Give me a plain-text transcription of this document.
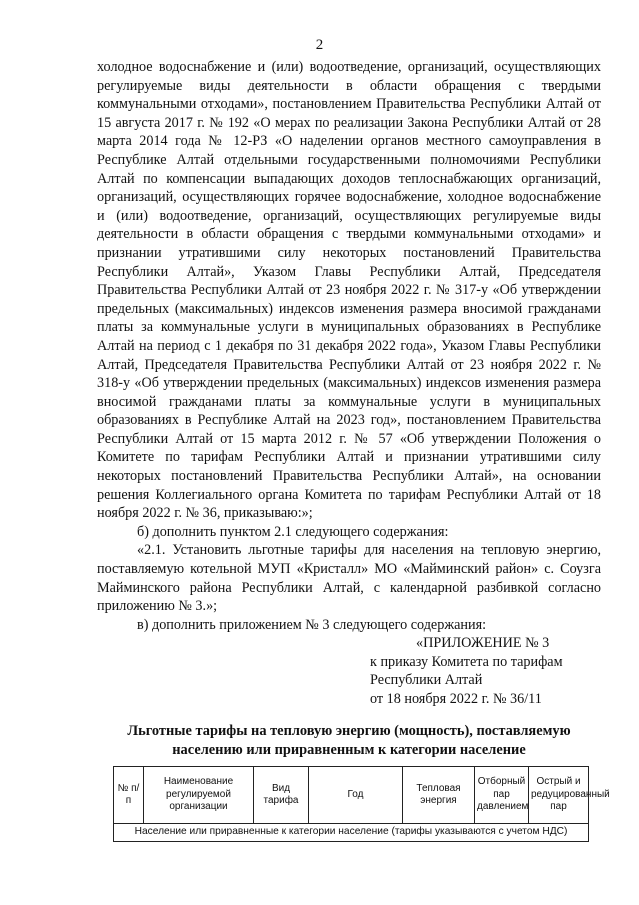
2

холодное водоснабжение и (или) водоотведение, организаций, осуществляющих регулируемые виды деятельности в области обращения с твердыми коммунальными отходами», постановлением Правительства Республики Алтай от 15 августа 2017 г. № 192 «О мерах по реализации Закона Республики Алтай от 28 марта 2014 года № 12-РЗ «О наделении органов местного самоуправления в Республике Алтай отдельными государственными полномочиями Республики Алтай по компенсации выпадающих доходов теплоснабжающих организаций, организаций, осуществляющих горячее водоснабжение, холодное водоснабжение и (или) водоотведение, организаций, осуществляющих регулируемые виды деятельности в области обращения с твердыми коммунальными отходами» и признании утратившими силу некоторых постановлений Правительства Республики Алтай», Указом Главы Республики Алтай, Председателя Правительства Республики Алтай от 23 ноября 2022 г. № 317-у «Об утверждении предельных (максимальных) индексов изменения размера вносимой гражданами платы за коммунальные услуги в муниципальных образованиях в Республике Алтай на период с 1 декабря по 31 декабря 2022 года», Указом Главы Республики Алтай, Председателя Правительства Республики Алтай от 23 ноября 2022 г. № 318-у «Об утверждении предельных (максимальных) индексов изменения размера вносимой гражданами платы за коммунальные услуги в муниципальных образованиях в Республике Алтай на 2023 год», постановлением Правительства Республики Алтай от 15 марта 2012 г. № 57 «Об утверждении Положения о Комитете по тарифам Республики Алтай и признании утратившими силу некоторых постановлений Правительства Республики Алтай», на основании решения Коллегиального органа Комитета по тарифам Республики Алтай от 18 ноября 2022 г. № 36, приказываю:»;

б) дополнить пунктом 2.1 следующего содержания:

«2.1. Установить льготные тарифы для населения на тепловую энергию, поставляемую котельной МУП «Кристалл» МО «Майминский район» с. Соузга Майминского района Республики Алтай, с календарной разбивкой согласно приложению № 3.»;

в) дополнить приложением № 3 следующего содержания:

«ПРИЛОЖЕНИЕ № 3
к приказу Комитета по тарифам
Республики Алтай
от 18 ноября 2022 г. № 36/11
Льготные тарифы на тепловую энергию (мощность), поставляемую
населению или приравненным к категории население
№ п/п	Наименование регулируемой организации	Вид тарифа	Год	Тепловая энергия	Отборный пар давлением	Острый и редуцированный пар
Население или приравненные к категории население (тарифы указываются с учетом НДС)
